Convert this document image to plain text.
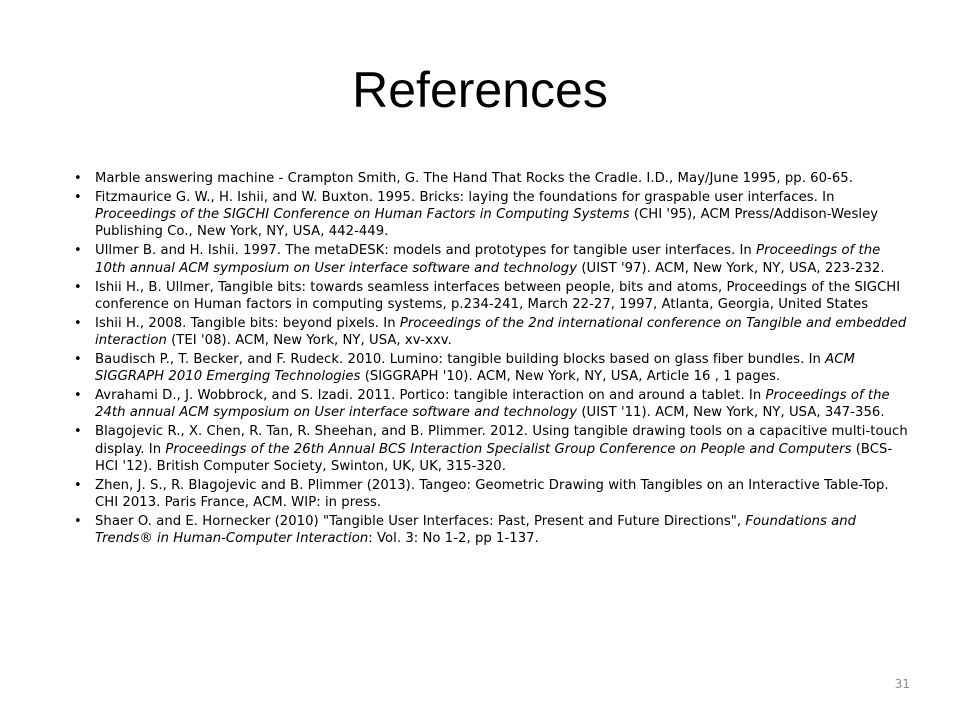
References
• Marble answering machine - Crampton Smith, G. The Hand That Rocks the Cradle. I.D., May/June 1995, pp. 60-65.
• Fitzmaurice G. W., H. Ishii, and W. Buxton. 1995. Bricks: laying the foundations for graspable user interfaces. In Proceedings of the SIGCHI Conference on Human Factors in Computing Systems (CHI '95), ACM Press/Addison-Wesley Publishing Co., New York, NY, USA, 442-449.
• Ullmer B. and H. Ishii. 1997. The metaDESK: models and prototypes for tangible user interfaces. In Proceedings of the 10th annual ACM symposium on User interface software and technology (UIST '97). ACM, New York, NY, USA, 223-232.
• Ishii H., B. Ullmer, Tangible bits: towards seamless interfaces between people, bits and atoms, Proceedings of the SIGCHI conference on Human factors in computing systems, p.234-241, March 22-27, 1997, Atlanta, Georgia, United States
• Ishii H., 2008. Tangible bits: beyond pixels. In Proceedings of the 2nd international conference on Tangible and embedded interaction (TEI '08). ACM, New York, NY, USA, xv-xxv.
• Baudisch P., T. Becker, and F. Rudeck. 2010. Lumino: tangible building blocks based on glass fiber bundles. In ACM SIGGRAPH 2010 Emerging Technologies (SIGGRAPH '10). ACM, New York, NY, USA, Article 16 , 1 pages.
• Avrahami D., J. Wobbrock, and S. Izadi. 2011. Portico: tangible interaction on and around a tablet. In Proceedings of the 24th annual ACM symposium on User interface software and technology (UIST '11). ACM, New York, NY, USA, 347-356.
• Blagojevic R., X. Chen, R. Tan, R. Sheehan, and B. Plimmer. 2012. Using tangible drawing tools on a capacitive multi-touch display. In Proceedings of the 26th Annual BCS Interaction Specialist Group Conference on People and Computers (BCS-HCI '12). British Computer Society, Swinton, UK, UK, 315-320.
• Zhen, J. S., R. Blagojevic and B. Plimmer (2013). Tangeo: Geometric Drawing with Tangibles on an Interactive Table-Top. CHI 2013. Paris France, ACM. WIP: in press.
• Shaer O. and E. Hornecker (2010) "Tangible User Interfaces: Past, Present and Future Directions", Foundations and Trends® in Human-Computer Interaction: Vol. 3: No 1-2, pp 1-137.
31
